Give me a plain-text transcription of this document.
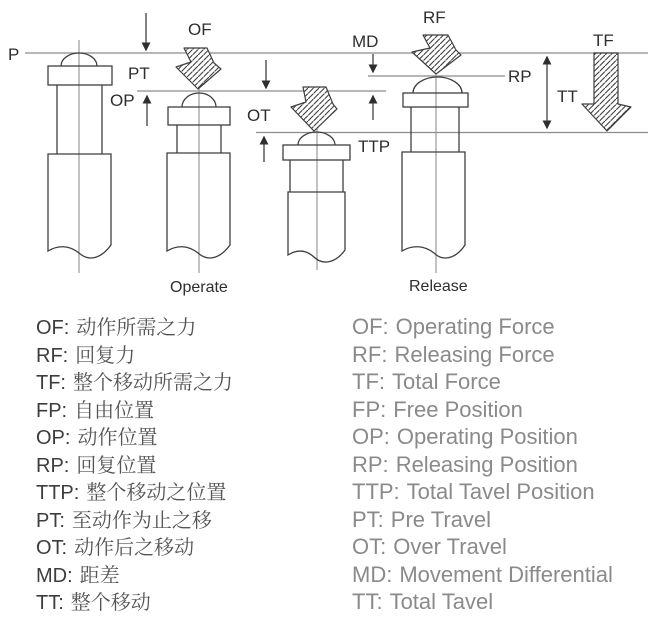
P
OF
PT
OP
OT
TTP
MD
RF
RP
TF
TT
Operate	Release
OF: 动作所需之力	OF: Operating Force
RF: 回复力	RF: Releasing Force
TF: 整个移动所需之力	TF: Total Force
FP: 自由位置	FP: Free Position
OP: 动作位置	OP: Operating Position
RP: 回复位置	RP: Releasing Position
TTP: 整个移动之位置	TTP: Total Tavel Position
PT: 至动作为止之移	PT: Pre Travel
OT: 动作后之移动	OT: Over Travel
MD: 距差	MD: Movement Differential
TT: 整个移动	TT: Total Tavel
